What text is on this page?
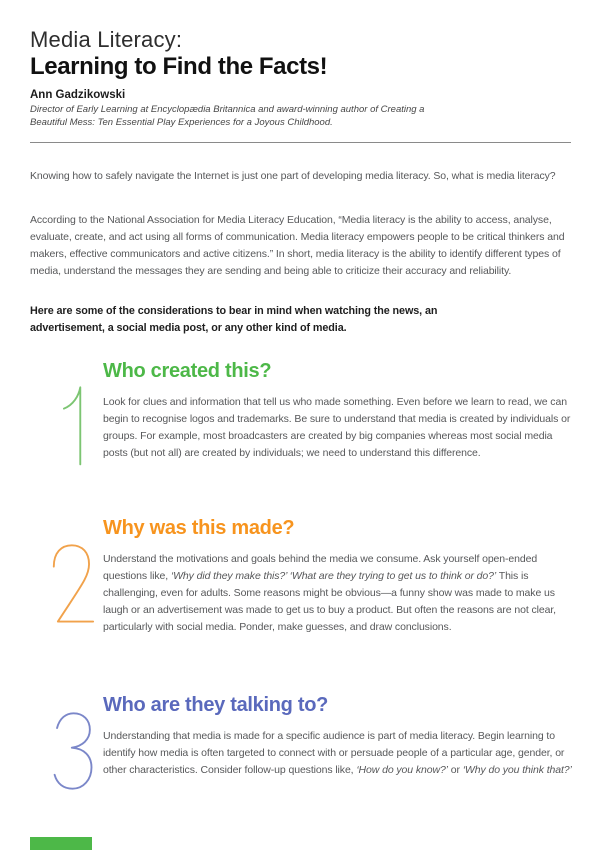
Media Literacy:
Learning to Find the Facts!
Ann Gadzikowski
Director of Early Learning at Encyclopædia Britannica and award-winning author of Creating a Beautiful Mess: Ten Essential Play Experiences for a Joyous Childhood.

Knowing how to safely navigate the Internet is just one part of developing media literacy. So, what is media literacy?

According to the National Association for Media Literacy Education, “Media literacy is the ability to access, analyse, evaluate, create, and act using all forms of communication. Media literacy empowers people to be critical thinkers and makers, effective communicators and active citizens.” In short, media literacy is the ability to identify different types of media, understand the messages they are sending and being able to criticize their accuracy and reliability.

Here are some of the considerations to bear in mind when watching the news, an advertisement, a social media post, or any other kind of media.

Who created this?

Look for clues and information that tell us who made something. Even before we learn to read, we can begin to recognise logos and trademarks. Be sure to understand that media is created by individuals or groups. For example, most broadcasters are created by big companies whereas most social media posts (but not all) are created by individuals; we need to understand this difference.

Why was this made?

Understand the motivations and goals behind the media we consume. Ask yourself open-ended questions like, ‘Why did they make this?’ ‘What are they trying to get us to think or do?’ This is challenging, even for adults. Some reasons might be obvious—a funny show was made to make us laugh or an advertisement was made to get us to buy a product. But often the reasons are not clear, particularly with social media. Ponder, make guesses, and draw conclusions.

Who are they talking to?

Understanding that media is made for a specific audience is part of media literacy. Begin learning to identify how media is often targeted to connect with or persuade people of a particular age, gender, or other characteristics. Consider follow-up questions like, ‘How do you know?’ or ‘Why do you think that?’
